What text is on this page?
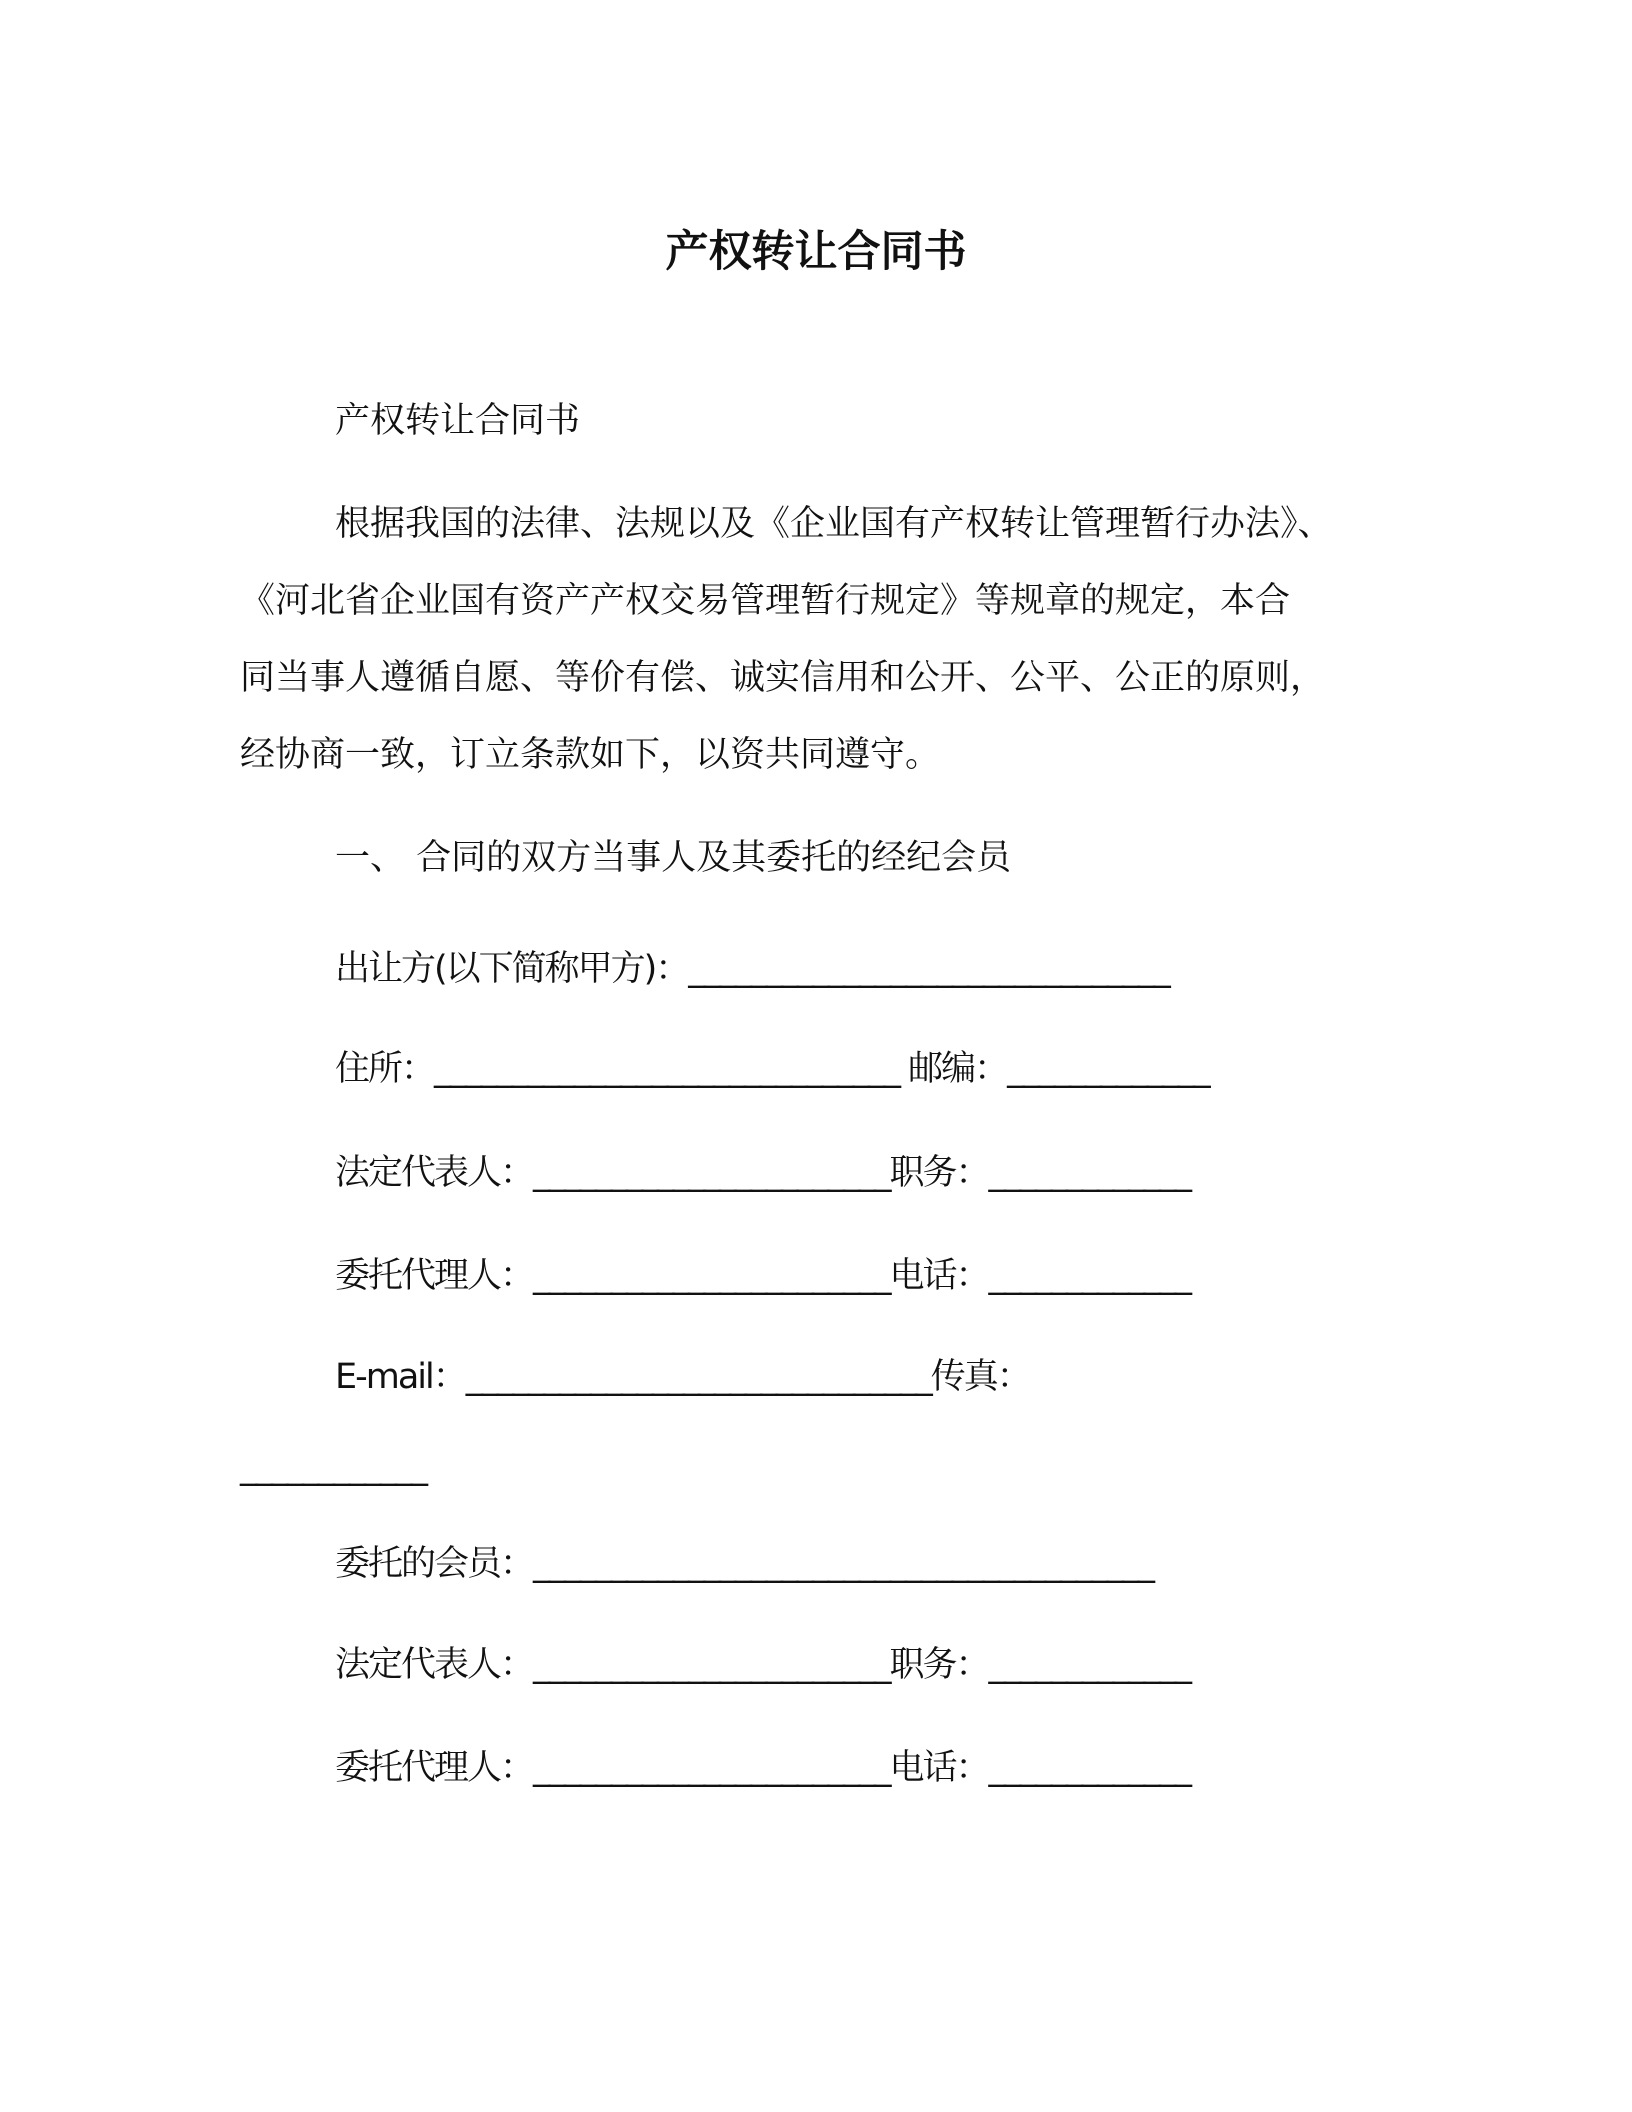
产权转让合同书
产权转让合同书
根据我国的法律、法规以及《企业国有产权转让管理暂行办法》、
《河北省企业国有资产产权交易管理暂行规定》等规章的规定，本合
同当事人遵循自愿、等价有偿、诚实信用和公开、公平、公正的原则，
经协商一致，订立条款如下，以资共同遵守。
一、 合同的双方当事人及其委托的经纪会员
出让方(以下简称甲方)：_______________________________
住所：______________________________ 邮编：_____________
法定代表人：_______________________职务：_____________
委托代理人：_______________________电话：_____________
E-mail：______________________________传真：
____________
委托的会员：________________________________________
法定代表人：_______________________职务：_____________
委托代理人：_______________________电话：_____________
